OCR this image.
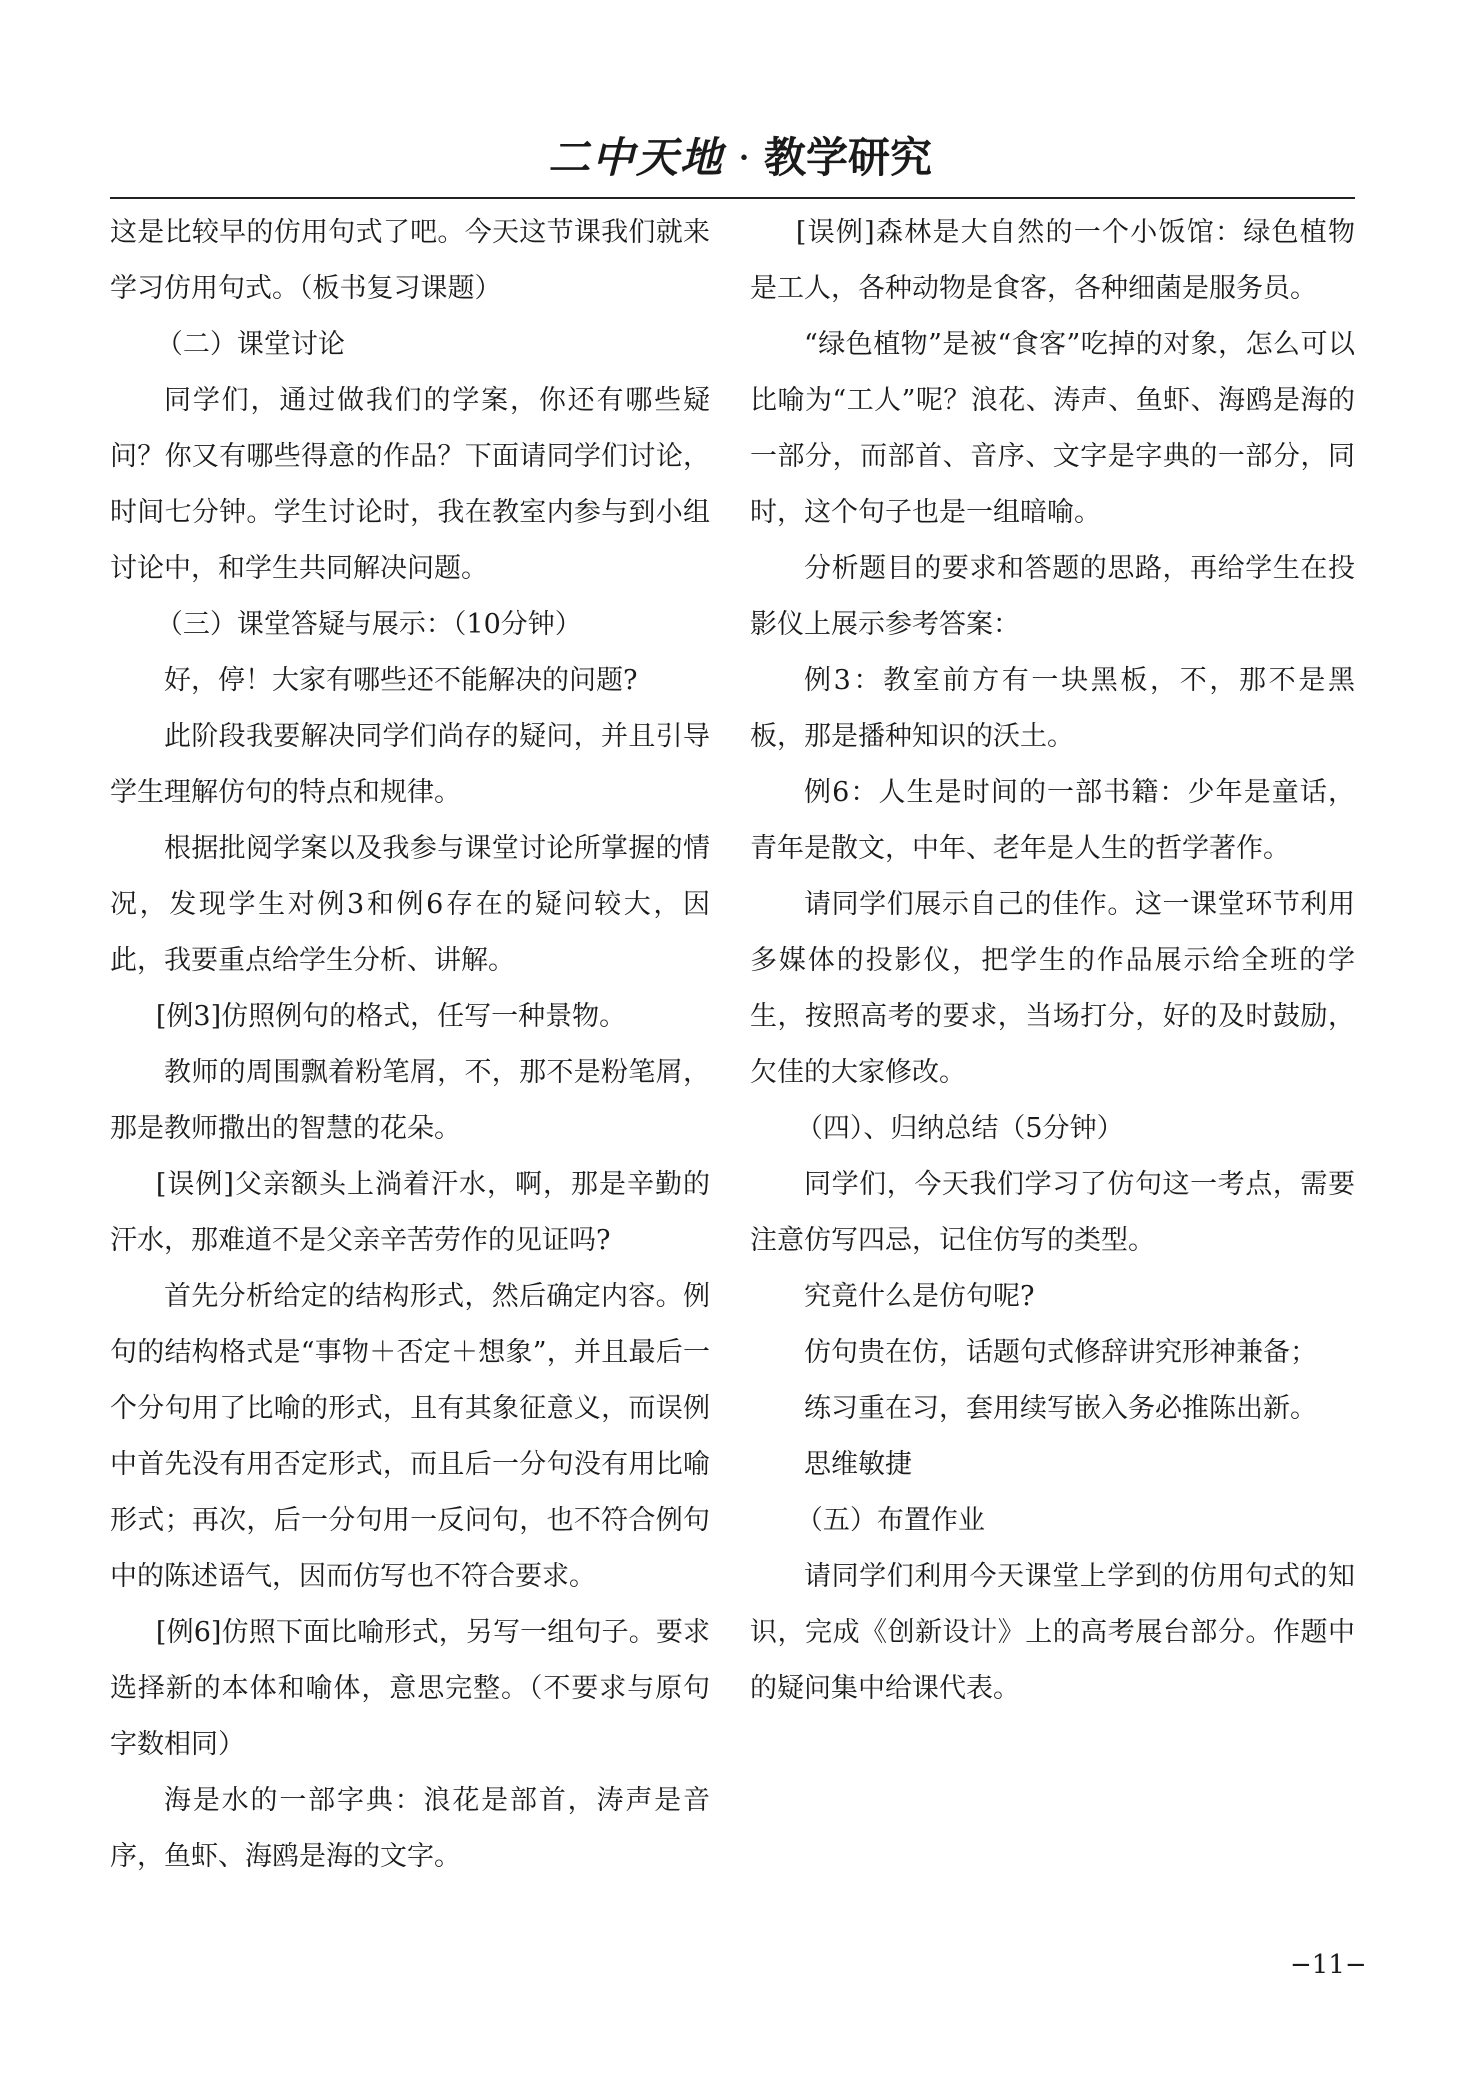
二中天地 · 教学研究

这是比较早的仿用句式了吧。今天这节课我们就来学习仿用句式。（板书复习课题）

（二）课堂讨论

同学们，通过做我们的学案，你还有哪些疑问？你又有哪些得意的作品？下面请同学们讨论，时间七分钟。学生讨论时，我在教室内参与到小组讨论中，和学生共同解决问题。

（三）课堂答疑与展示：（10分钟）

好，停！大家有哪些还不能解决的问题?

此阶段我要解决同学们尚存的疑问，并且引导学生理解仿句的特点和规律。

根据批阅学案以及我参与课堂讨论所掌握的情况，发现学生对例3和例6存在的疑问较大，因此，我要重点给学生分析、讲解。

[例3]仿照例句的格式，任写一种景物。

教师的周围飘着粉笔屑，不，那不是粉笔屑，那是教师撒出的智慧的花朵。

[误例]父亲额头上淌着汗水，啊，那是辛勤的汗水，那难道不是父亲辛苦劳作的见证吗?

首先分析给定的结构形式，然后确定内容。例句的结构格式是“事物＋否定＋想象”，并且最后一个分句用了比喻的形式，且有其象征意义，而误例中首先没有用否定形式，而且后一分句没有用比喻形式；再次，后一分句用一反问句，也不符合例句中的陈述语气，因而仿写也不符合要求。

[例6]仿照下面比喻形式，另写一组句子。要求选择新的本体和喻体，意思完整。（不要求与原句字数相同）

海是水的一部字典：浪花是部首，涛声是音序，鱼虾、海鸥是海的文字。

[误例]森林是大自然的一个小饭馆：绿色植物是工人，各种动物是食客，各种细菌是服务员。

“绿色植物”是被“食客”吃掉的对象，怎么可以比喻为“工人”呢？浪花、涛声、鱼虾、海鸥是海的一部分，而部首、音序、文字是字典的一部分，同时，这个句子也是一组暗喻。

分析题目的要求和答题的思路，再给学生在投影仪上展示参考答案：

例3：教室前方有一块黑板，不，那不是黑板，那是播种知识的沃土。

例6：人生是时间的一部书籍：少年是童话，青年是散文，中年、老年是人生的哲学著作。

请同学们展示自己的佳作。这一课堂环节利用多媒体的投影仪，把学生的作品展示给全班的学生，按照高考的要求，当场打分，好的及时鼓励，欠佳的大家修改。

（四）、归纳总结（5分钟）

同学们，今天我们学习了仿句这一考点，需要注意仿写四忌，记住仿写的类型。

究竟什么是仿句呢?

仿句贵在仿，话题句式修辞讲究形神兼备；

练习重在习，套用续写嵌入务必推陈出新。

思维敏捷

（五）布置作业

请同学们利用今天课堂上学到的仿用句式的知识，完成《创新设计》上的高考展台部分。作题中的疑问集中给课代表。

−11−
